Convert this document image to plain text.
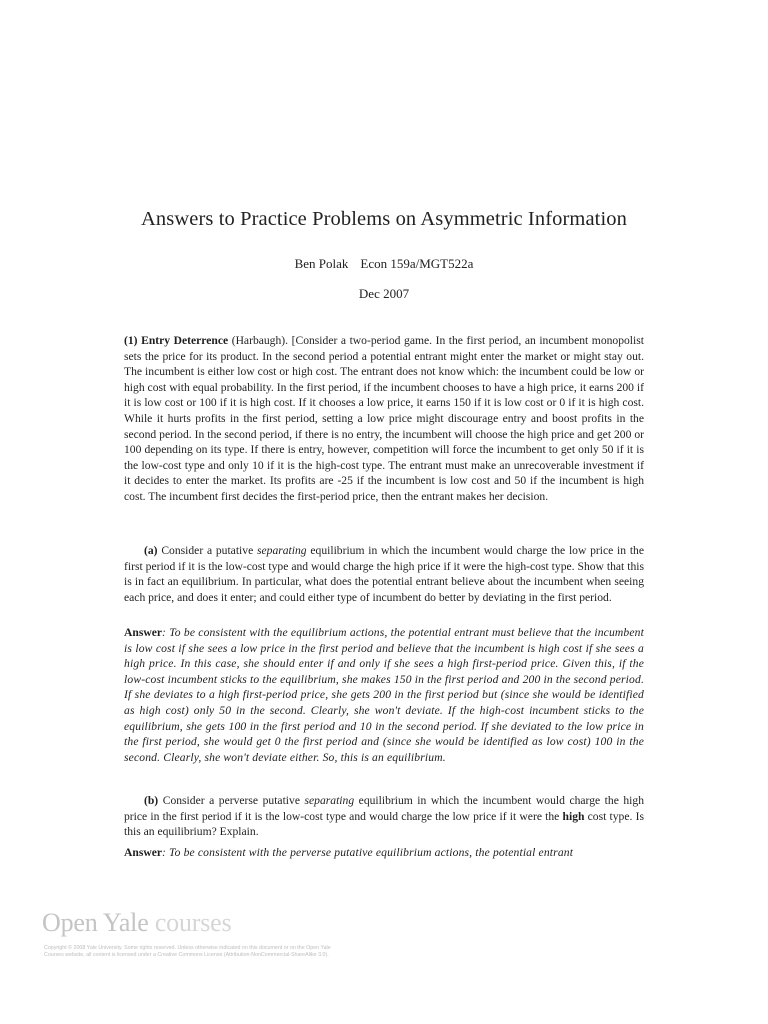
Answers to Practice Problems on Asymmetric Information
Ben Polak Econ 159a/MGT522a
Dec 2007
(1) Entry Deterrence (Harbaugh). [Consider a two-period game. In the first period, an incumbent monopolist sets the price for its product. In the second period a potential entrant might enter the market or might stay out. The incumbent is either low cost or high cost. The entrant does not know which: the incumbent could be low or high cost with equal probability. In the first period, if the incumbent chooses to have a high price, it earns 200 if it is low cost or 100 if it is high cost. If it chooses a low price, it earns 150 if it is low cost or 0 if it is high cost. While it hurts profits in the first period, setting a low price might discourage entry and boost profits in the second period. In the second period, if there is no entry, the incumbent will choose the high price and get 200 or 100 depending on its type. If there is entry, however, competition will force the incumbent to get only 50 if it is the low-cost type and only 10 if it is the high-cost type. The entrant must make an unrecoverable investment if it decides to enter the market. Its profits are -25 if the incumbent is low cost and 50 if the incumbent is high cost. The incumbent first decides the first-period price, then the entrant makes her decision.
(a) Consider a putative separating equilibrium in which the incumbent would charge the low price in the first period if it is the low-cost type and would charge the high price if it were the high-cost type. Show that this is in fact an equilibrium. In particular, what does the potential entrant believe about the incumbent when seeing each price, and does it enter; and could either type of incumbent do better by deviating in the first period.
Answer: To be consistent with the equilibrium actions, the potential entrant must believe that the incumbent is low cost if she sees a low price in the first period and believe that the incumbent is high cost if she sees a high price. In this case, she should enter if and only if she sees a high first-period price. Given this, if the low-cost incumbent sticks to the equilibrium, she makes 150 in the first period and 200 in the second period. If she deviates to a high first-period price, she gets 200 in the first period but (since she would be identified as high cost) only 50 in the second. Clearly, she won't deviate. If the high-cost incumbent sticks to the equilibrium, she gets 100 in the first period and 10 in the second period. If she deviated to the low price in the first period, she would get 0 the first period and (since she would be identified as low cost) 100 in the second. Clearly, she won't deviate either. So, this is an equilibrium.
(b) Consider a perverse putative separating equilibrium in which the incumbent would charge the high price in the first period if it is the low-cost type and would charge the low price if it were the high cost type. Is this an equilibrium? Explain.
Answer: To be consistent with the perverse putative equilibrium actions, the potential entrant
Open Yale courses
Copyright © 2008 Yale University. Some rights reserved. Unless otherwise indicated on this document or on the Open Yale
Courses website, all content is licensed under a Creative Commons License (Attribution-NonCommercial-ShareAlike 3.0).
